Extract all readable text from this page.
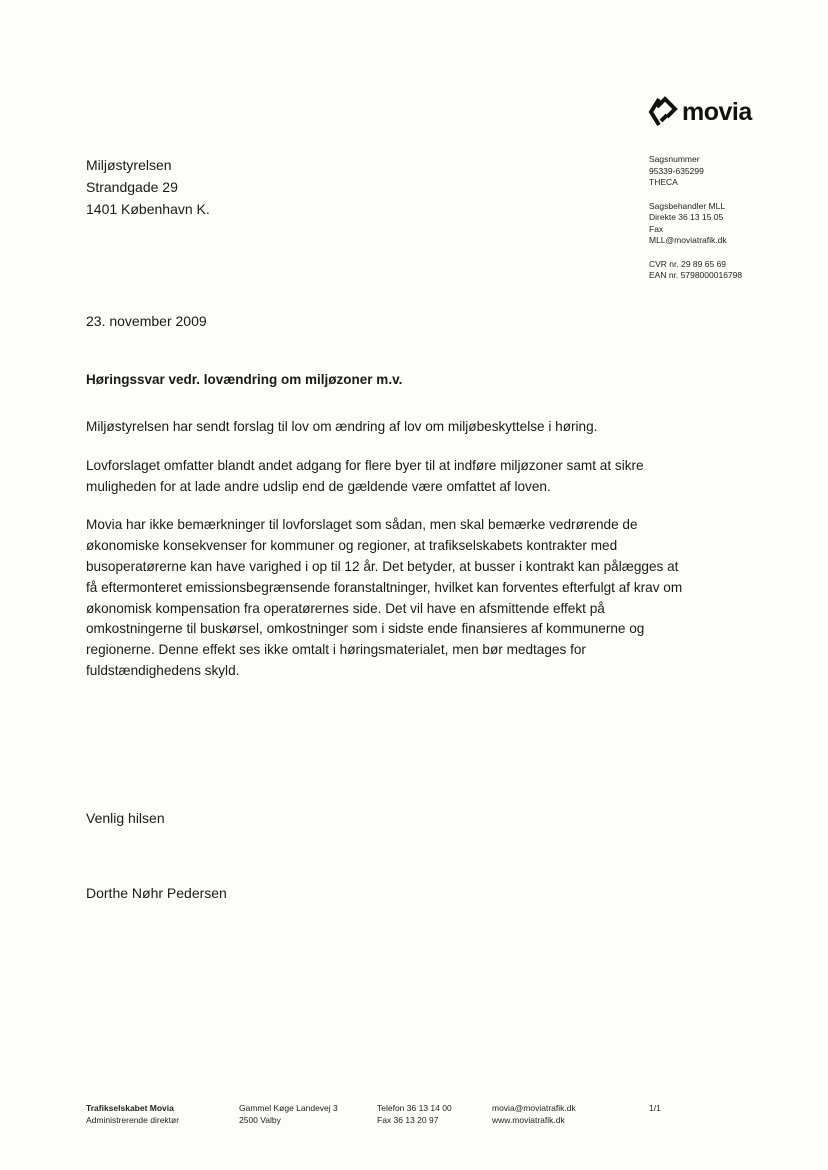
movia
Miljøstyrelsen
Strandgade 29
1401 København K.
Sagsnummer
95339-635299
THECA
Sagsbehandler MLL
Direkte 36 13 15 05
Fax
MLL@moviatrafik.dk
CVR nr. 29 89 65 69
EAN nr. 5798000016798
23. november 2009
Høringssvar vedr. lovændring om miljøzoner m.v.

Miljøstyrelsen har sendt forslag til lov om ændring af lov om miljøbeskyttelse i høring.

Lovforslaget omfatter blandt andet adgang for flere byer til at indføre miljøzoner samt at sikre muligheden for at lade andre udslip end de gældende være omfattet af loven.

Movia har ikke bemærkninger til lovforslaget som sådan, men skal bemærke vedrørende de økonomiske konsekvenser for kommuner og regioner, at trafikselskabets kontrakter med busoperatørerne kan have varighed i op til 12 år. Det betyder, at busser i kontrakt kan pålægges at få eftermonteret emissionsbegrænsende foranstaltninger, hvilket kan forventes efterfulgt af krav om økonomisk kompensation fra operatørernes side. Det vil have en afsmittende effekt på omkostningerne til buskørsel, omkostninger som i sidste ende finansieres af kommunerne og regionerne. Denne effekt ses ikke omtalt i høringsmaterialet, men bør medtages for fuldstændighedens skyld.

Venlig hilsen
Dorthe Nøhr Pedersen
Trafikselskabet Movia
Administrerende direktør
Gammel Køge Landevej 3
2500 Valby
Telefon 36 13 14 00
Fax 36 13 20 97
movia@moviatrafik.dk
www.moviatrafik.dk
1/1
